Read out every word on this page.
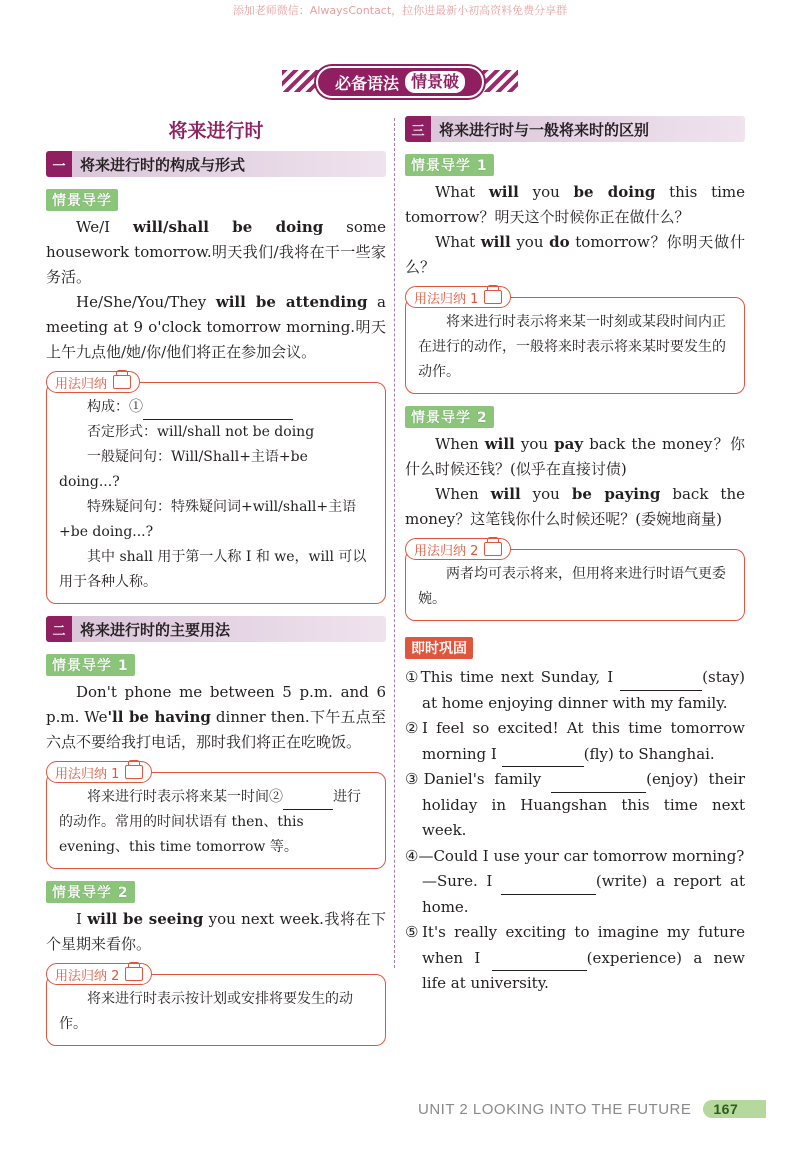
添加老师微信：AlwaysContact，拉你进最新小初高资料免费分享群
必备语法 情景破
将来进行时
一 将来进行时的构成与形式
情景导学

We/I will/shall be doing some housework tomorrow.明天我们/我将在干一些家务活。

He/She/You/They will be attending a meeting at 9 o'clock tomorrow morning.明天上午九点他/她/你/他们将正在参加会议。

用法归纳

构成：①

否定形式：will/shall not be doing

一般疑问句：Will/Shall+主语+be doing...?

特殊疑问句：特殊疑问词+will/shall+主语+be doing...?

其中 shall 用于第一人称 I 和 we，will 可以用于各种人称。

二 将来进行时的主要用法
情景导学 1

Don't phone me between 5 p.m. and 6 p.m. We'll be having dinner then.下午五点至六点不要给我打电话，那时我们将正在吃晚饭。

用法归纳 1

将来进行时表示将来某一时间②	进行的动作。常用的时间状语有 then、this evening、this time tomorrow 等。

情景导学 2

I will be seeing you next week.我将在下个星期来看你。

用法归纳 2

将来进行时表示按计划或安排将要发生的动作。

三 将来进行时与一般将来时的区别
情景导学 1

What will you be doing this time tomorrow？明天这个时候你正在做什么？

What will you do tomorrow？你明天做什么？

用法归纳 1

将来进行时表示将来某一时刻或某段时间内正在进行的动作，一般将来时表示将来某时要发生的动作。

情景导学 2

When will you pay back the money？你什么时候还钱？(似乎在直接讨债)

When will you be paying back the money？这笔钱你什么时候还呢？(委婉地商量)

用法归纳 2

两者均可表示将来，但用将来进行时语气更委婉。

即时巩固

①This time next Sunday, I	(stay) at home enjoying dinner with my family.

②I feel so excited! At this time tomorrow morning I	(fly) to Shanghai.

③Daniel's family	(enjoy) their holiday in Huangshan this time next week.

④—Could I use your car tomorrow morning?

—Sure. I	(write) a report at home.

⑤It's really exciting to imagine my future when I	(experience) a new life at university.

UNIT 2 LOOKING INTO THE FUTURE	167
